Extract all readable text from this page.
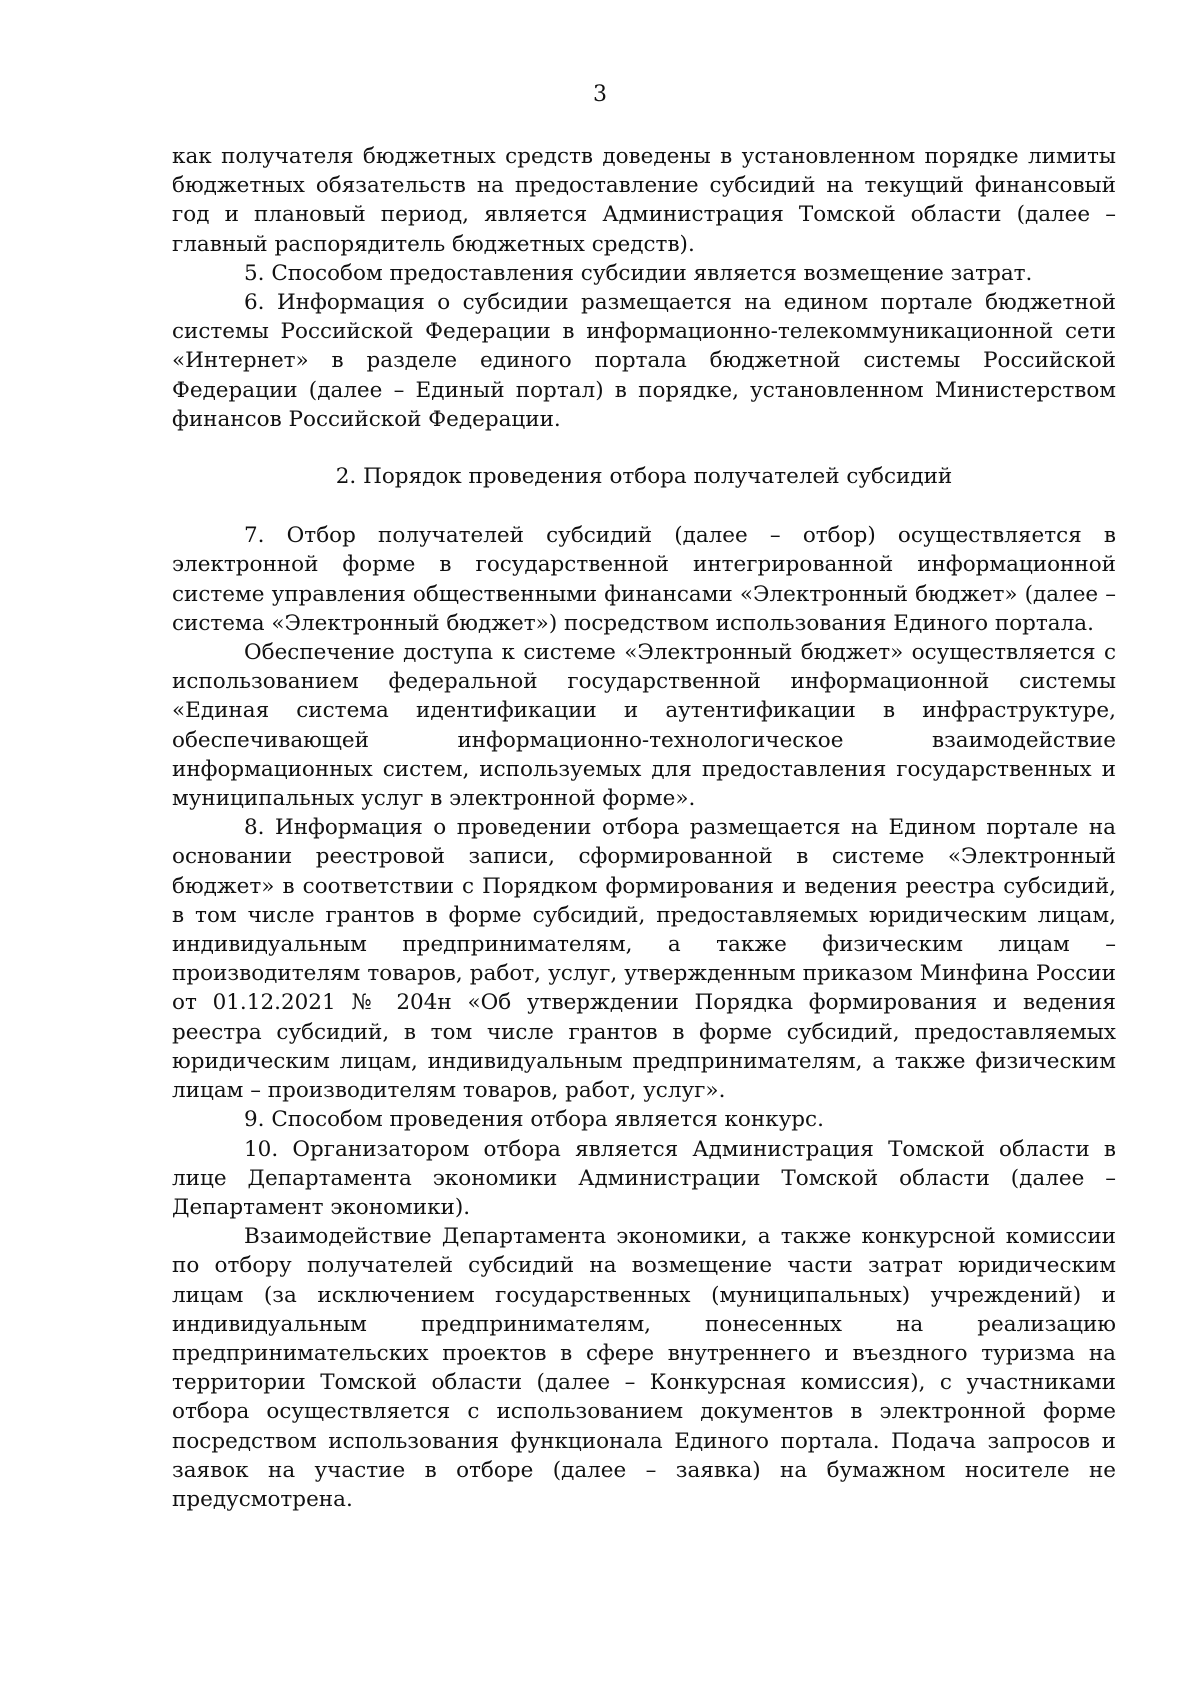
3

как получателя бюджетных средств доведены в установленном порядке лимиты бюджетных обязательств на предоставление субсидий на текущий финансовый год и плановый период, является Администрация Томской области (далее – главный распорядитель бюджетных средств).

5. Способом предоставления субсидии является возмещение затрат.

6. Информация о субсидии размещается на едином портале бюджетной системы Российской Федерации в информационно-телекоммуникационной сети «Интернет» в разделе единого портала бюджетной системы Российской Федерации (далее – Единый портал) в порядке, установленном Министерством финансов Российской Федерации.

2. Порядок проведения отбора получателей субсидий

7. Отбор получателей субсидий (далее – отбор) осуществляется в электронной форме в государственной интегрированной информационной системе управления общественными финансами «Электронный бюджет» (далее – система «Электронный бюджет») посредством использования Единого портала.

Обеспечение доступа к системе «Электронный бюджет» осуществляется с использованием федеральной государственной информационной системы «Единая система идентификации и аутентификации в инфраструктуре, обеспечивающей информационно-технологическое взаимодействие информационных систем, используемых для предоставления государственных и муниципальных услуг в электронной форме».

8. Информация о проведении отбора размещается на Едином портале на основании реестровой записи, сформированной в системе «Электронный бюджет» в соответствии с Порядком формирования и ведения реестра субсидий, в том числе грантов в форме субсидий, предоставляемых юридическим лицам, индивидуальным предпринимателям, а также физическим лицам – производителям товаров, работ, услуг, утвержденным приказом Минфина России от 01.12.2021 № 204н «Об утверждении Порядка формирования и ведения реестра субсидий, в том числе грантов в форме субсидий, предоставляемых юридическим лицам, индивидуальным предпринимателям, а также физическим лицам – производителям товаров, работ, услуг».

9. Способом проведения отбора является конкурс.

10. Организатором отбора является Администрация Томской области в лице Департамента экономики Администрации Томской области (далее – Департамент экономики).

Взаимодействие Департамента экономики, а также конкурсной комиссии по отбору получателей субсидий на возмещение части затрат юридическим лицам (за исключением государственных (муниципальных) учреждений) и индивидуальным предпринимателям, понесенных на реализацию предпринимательских проектов в сфере внутреннего и въездного туризма на территории Томской области (далее – Конкурсная комиссия), с участниками отбора осуществляется с использованием документов в электронной форме посредством использования функционала Единого портала. Подача запросов и заявок на участие в отборе (далее – заявка) на бумажном носителе не предусмотрена.
